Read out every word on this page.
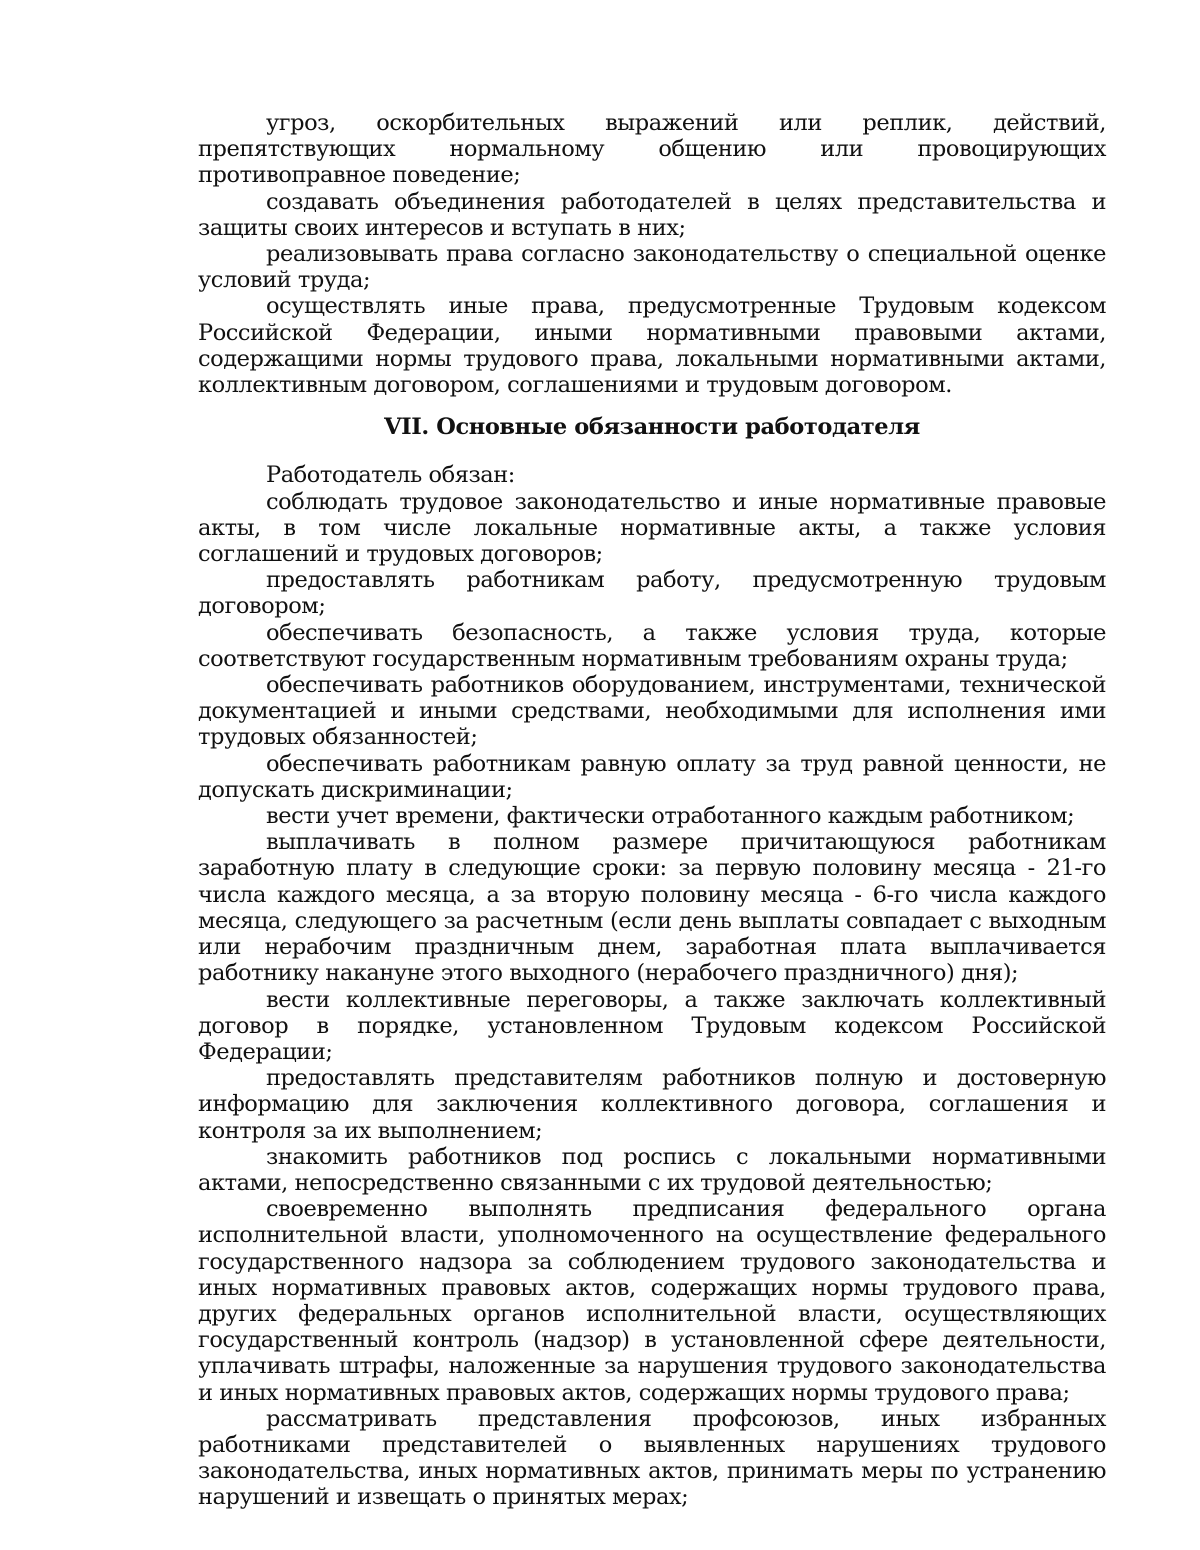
угроз, оскорбительных выражений или реплик, действий, препятствующих нормальному общению или провоцирующих противоправное поведение;

создавать объединения работодателей в целях представительства и защиты своих интересов и вступать в них;

реализовывать права согласно законодательству о специальной оценке условий труда;

осуществлять иные права, предусмотренные Трудовым кодексом Российской Федерации, иными нормативными правовыми актами, содержащими нормы трудового права, локальными нормативными актами, коллективным договором, соглашениями и трудовым договором.

VII. Основные обязанности работодателя

Работодатель обязан:

соблюдать трудовое законодательство и иные нормативные правовые акты, в том числе локальные нормативные акты, а также условия соглашений и трудовых договоров;

предоставлять работникам работу, предусмотренную трудовым договором;

обеспечивать безопасность, а также условия труда, которые соответствуют государственным нормативным требованиям охраны труда;

обеспечивать работников оборудованием, инструментами, технической документацией и иными средствами, необходимыми для исполнения ими трудовых обязанностей;

обеспечивать работникам равную оплату за труд равной ценности, не допускать дискриминации;

вести учет времени, фактически отработанного каждым работником;

выплачивать в полном размере причитающуюся работникам заработную плату в следующие сроки: за первую половину месяца - 21-го числа каждого месяца, а за вторую половину месяца - 6-го числа каждого месяца, следующего за расчетным (если день выплаты совпадает с выходным или нерабочим праздничным днем, заработная плата выплачивается работнику накануне этого выходного (нерабочего праздничного) дня);

вести коллективные переговоры, а также заключать коллективный договор в порядке, установленном Трудовым кодексом Российской Федерации;

предоставлять представителям работников полную и достоверную информацию для заключения коллективного договора, соглашения и контроля за их выполнением;

знакомить работников под роспись с локальными нормативными актами, непосредственно связанными с их трудовой деятельностью;

своевременно выполнять предписания федерального органа исполнительной власти, уполномоченного на осуществление федерального государственного надзора за соблюдением трудового законодательства и иных нормативных правовых актов, содержащих нормы трудового права, других федеральных органов исполнительной власти, осуществляющих государственный контроль (надзор) в установленной сфере деятельности, уплачивать штрафы, наложенные за нарушения трудового законодательства и иных нормативных правовых актов, содержащих нормы трудового права;

рассматривать представления профсоюзов, иных избранных работниками представителей о выявленных нарушениях трудового законодательства, иных нормативных актов, принимать меры по устранению нарушений и извещать о принятых мерах;
